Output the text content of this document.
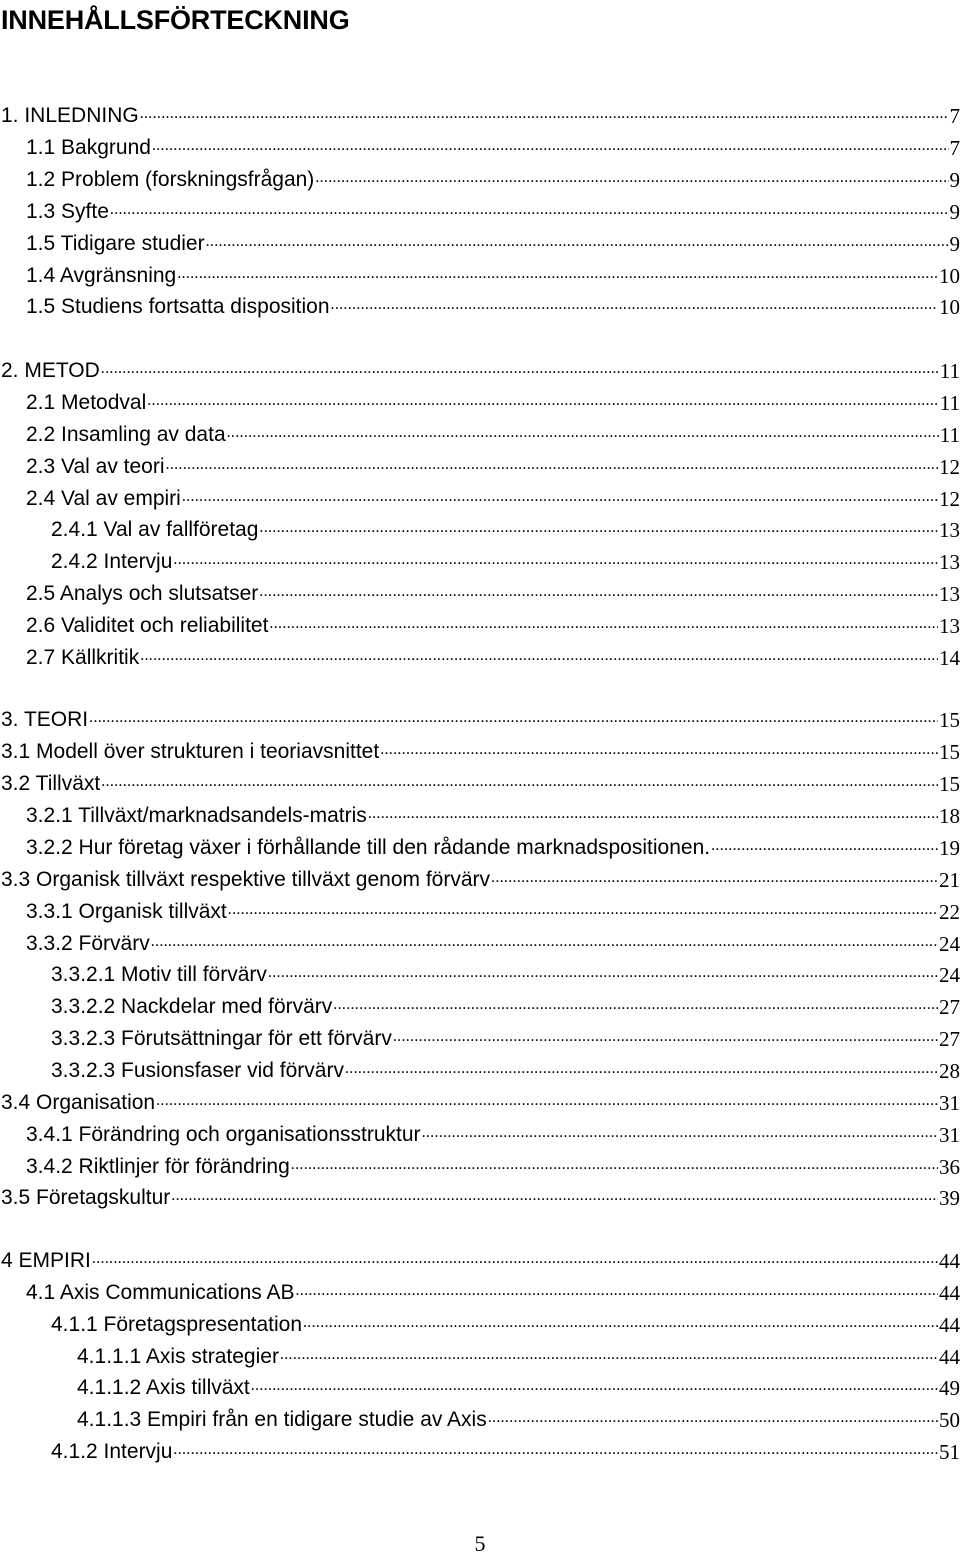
INNEHÅLLSFÖRTECKNING
1. INLEDNING .....	7
1.1 Bakgrund .....	7
1.2 Problem (forskningsfrågan) .....	9
1.3 Syfte .....	9
1.5 Tidigare studier .....	9
1.4 Avgränsning .....	10
1.5 Studiens fortsatta disposition .....	10
2. METOD .....	11
2.1 Metodval .....	11
2.2 Insamling av data .....	11
2.3 Val av teori .....	12
2.4 Val av empiri .....	12
2.4.1 Val av fallföretag .....	13
2.4.2 Intervju .....	13
2.5 Analys och slutsatser .....	13
2.6 Validitet och reliabilitet .....	13
2.7 Källkritik .....	14
3. TEORI .....	15
3.1 Modell över strukturen i teoriavsnittet .....	15
3.2 Tillväxt .....	15
3.2.1 Tillväxt/marknadsandels-matris .....	18
3.2.2 Hur företag växer i förhållande till den rådande marknadspositionen. .....	19
3.3 Organisk tillväxt respektive tillväxt genom förvärv .....	21
3.3.1 Organisk tillväxt .....	22
3.3.2 Förvärv .....	24
3.3.2.1 Motiv till förvärv .....	24
3.3.2.2 Nackdelar med förvärv .....	27
3.3.2.3 Förutsättningar för ett förvärv .....	27
3.3.2.3 Fusionsfaser vid förvärv .....	28
3.4 Organisation .....	31
3.4.1 Förändring och organisationsstruktur .....	31
3.4.2 Riktlinjer för förändring .....	36
3.5 Företagskultur .....	39
4 EMPIRI .....	44
4.1 Axis Communications AB .....	44
4.1.1 Företagspresentation .....	44
4.1.1.1 Axis strategier .....	44
4.1.1.2 Axis tillväxt .....	49
4.1.1.3 Empiri från en tidigare studie av Axis .....	50
4.1.2 Intervju .....	51
5
